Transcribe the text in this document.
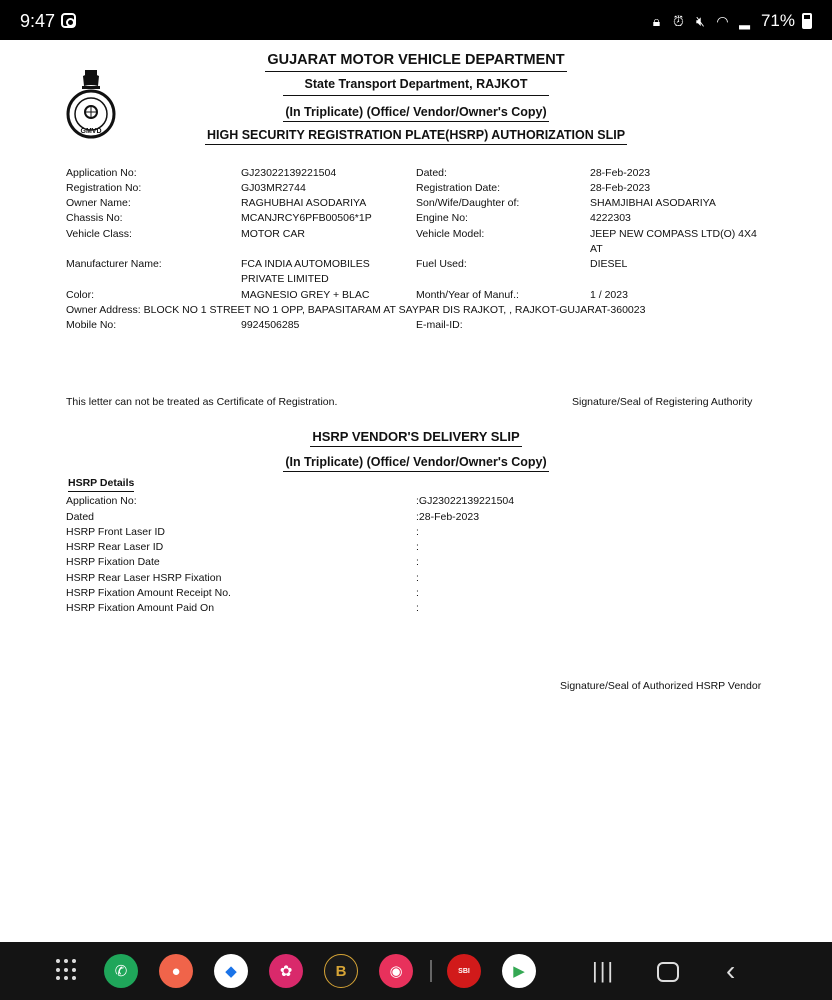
9:47	🔒︎ ⏰︎ 🔇︎ ◠ ▂ 71%
GMVD
GUJARAT MOTOR VEHICLE DEPARTMENT
State Transport Department, RAJKOT
(In Triplicate) (Office/ Vendor/Owner's Copy)
HIGH SECURITY REGISTRATION PLATE(HSRP) AUTHORIZATION SLIP
Application No:	GJ23022139221504	Dated:	28-Feb-2023
Registration No:	GJ03MR2744	Registration Date:	28-Feb-2023
Owner Name:	RAGHUBHAI ASODARIYA	Son/Wife/Daughter of:	SHAMJIBHAI ASODARIYA
Chassis No:	MCANJRCY6PFB00506*1P	Engine No:	4222303
Vehicle Class:	MOTOR CAR	Vehicle Model:	JEEP NEW COMPASS LTD(O) 4X4
AT
Manufacturer Name:	FCA INDIA AUTOMOBILES
PRIVATE LIMITED
Fuel Used:	DIESEL
Color:	MAGNESIO GREY + BLAC	Month/Year of Manuf.:	1 / 2023
Owner Address: BLOCK NO 1 STREET NO 1 OPP, BAPASITARAM AT SAYPAR DIS RAJKOT, , RAJKOT-GUJARAT-360023
Mobile No:	9924506285	E-mail-ID:
This letter can not be treated as Certificate of Registration.	Signature/Seal of Registering Authority
HSRP VENDOR'S DELIVERY SLIP
(In Triplicate) (Office/ Vendor/Owner's Copy)
HSRP Details
Application No:	:GJ23022139221504
Dated	:28-Feb-2023
HSRP Front Laser ID	:
HSRP Rear Laser ID	:
HSRP Fixation Date	:
HSRP Rear Laser HSRP Fixation	:
HSRP Fixation Amount Receipt No.	:
HSRP Fixation Amount Paid On	:
Signature/Seal of Authorized HSRP Vendor
✆	●	◆	✿	B	◉	SBI	▶	|||	‹
